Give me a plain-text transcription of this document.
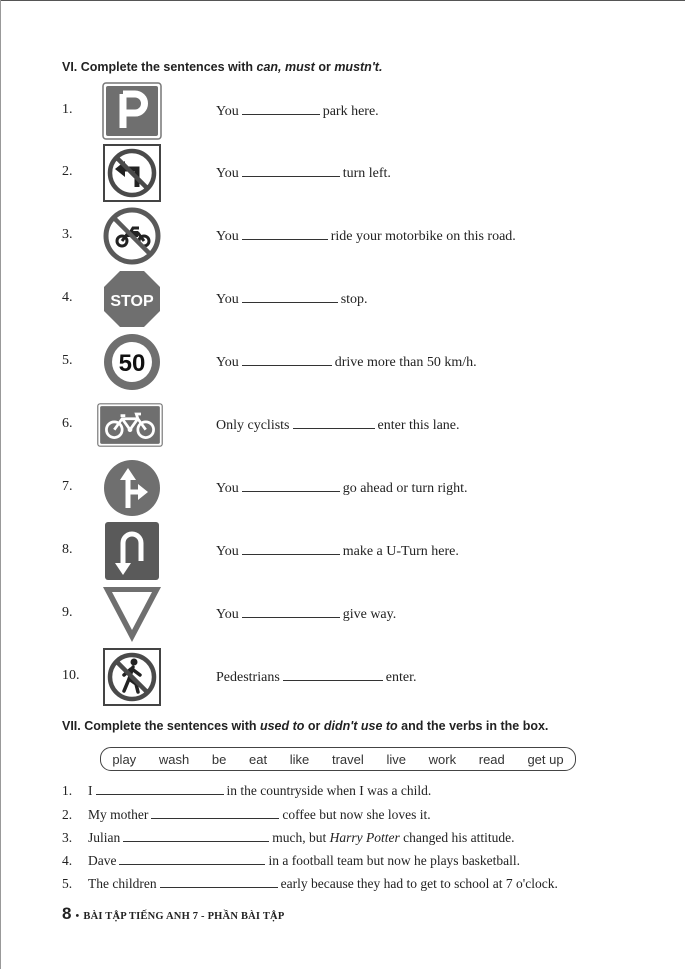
VI. Complete the sentences with can, must or mustn't.
1.	You	park here.
2.	You	turn left.
3.	You	ride your motorbike on this road.
4. STOP	You	stop.
5. 50	You	drive more than 50 km/h.
6.	Only cyclists	enter this lane.
7.	You	go ahead or turn right.
8.	You	make a U-Turn here.
9.	You	give way.
10.	Pedestrians	enter.
VII. Complete the sentences with used to or didn't use to and the verbs in the box.
play wash be eat like travel live work read get up
1. I	in the countryside when I was a child.
2. My mother	coffee but now she loves it.
3. Julian	much, but Harry Potter changed his attitude.
4. Dave	in a football team but now he plays basketball.
5. The children	early because they had to get to school at 7 o'clock.
8 • BÀI TẬP TIẾNG ANH 7 - PHẦN BÀI TẬP
